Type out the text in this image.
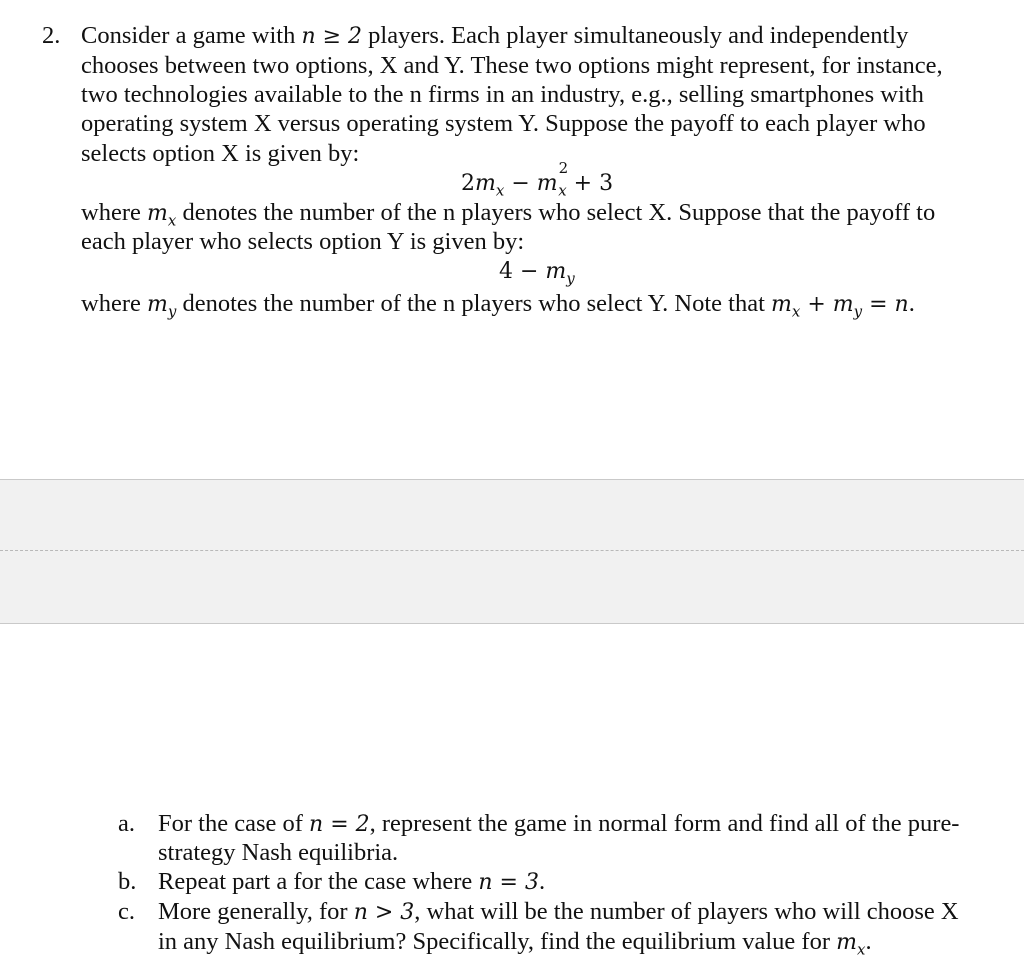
2. Consider a game with n ≥ 2 players. Each player simultaneously and independently
chooses between two options, X and Y. These two options might represent, for instance,
two technologies available to the n firms in an industry, e.g., selling smartphones with
operating system X versus operating system Y. Suppose the payoff to each player who
selects option X is given by:
$2m_x - m^2_x + 3$
where $m_x$ denotes the number of the n players who select X. Suppose that the payoff to
each player who selects option Y is given by:
$4 - m_y$
where $m_y$ denotes the number of the n players who select Y. Note that $m_x + m_y = n$.
a. For the case of n = 2, represent the game in normal form and find all of the pure-
strategy Nash equilibria.
b. Repeat part a for the case where n = 3.
c. More generally, for n > 3, what will be the number of players who will choose X
in any Nash equilibrium? Specifically, find the equilibrium value for $m_x$.
